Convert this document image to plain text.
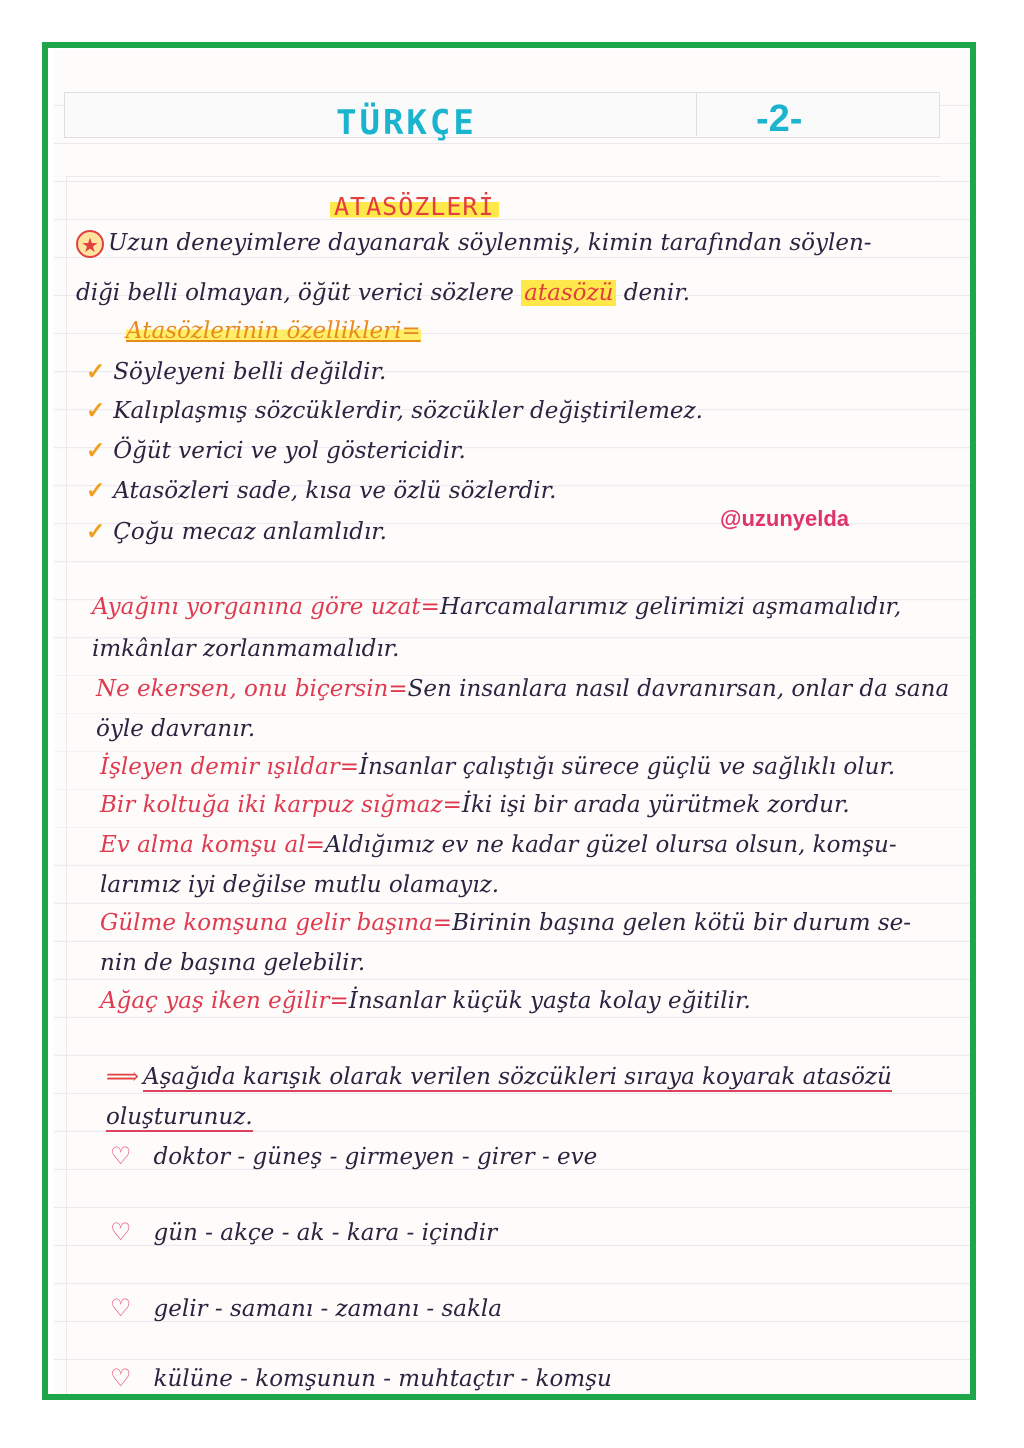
TÜRKÇE	-2-
ATASÖZLERİ
★ Uzun deneyimlere dayanarak söylenmiş, kimin tarafından söylen-
diği belli olmayan, öğüt verici sözlere atasözü denir.
Atasözlerinin özellikleri=
✓ Söyleyeni belli değildir.
✓ Kalıplaşmış sözcüklerdir, sözcükler değiştirilemez.
✓ Öğüt verici ve yol göstericidir.
✓ Atasözleri sade, kısa ve özlü sözlerdir.
✓ Çoğu mecaz anlamlıdır.
@uzunyelda
Ayağını yorganına göre uzat=Harcamalarımız gelirimizi aşmamalıdır,
imkânlar zorlanmamalıdır.
Ne ekersen, onu biçersin=Sen insanlara nasıl davranırsan, onlar da sana
öyle davranır.
İşleyen demir ışıldar=İnsanlar çalıştığı sürece güçlü ve sağlıklı olur.
Bir koltuğa iki karpuz sığmaz=İki işi bir arada yürütmek zordur.
Ev alma komşu al=Aldığımız ev ne kadar güzel olursa olsun, komşu-
larımız iyi değilse mutlu olamayız.
Gülme komşuna gelir başına=Birinin başına gelen kötü bir durum se-
nin de başına gelebilir.
Ağaç yaş iken eğilir=İnsanlar küçük yaşta kolay eğitilir.
⟹ Aşağıda karışık olarak verilen sözcükleri sıraya koyarak atasözü
oluşturunuz.
♡ doktor - güneş - girmeyen - girer - eve
♡ gün - akçe - ak - kara - içindir
♡ gelir - samanı - zamanı - sakla
♡ külüne - komşunun - muhtaçtır - komşu
